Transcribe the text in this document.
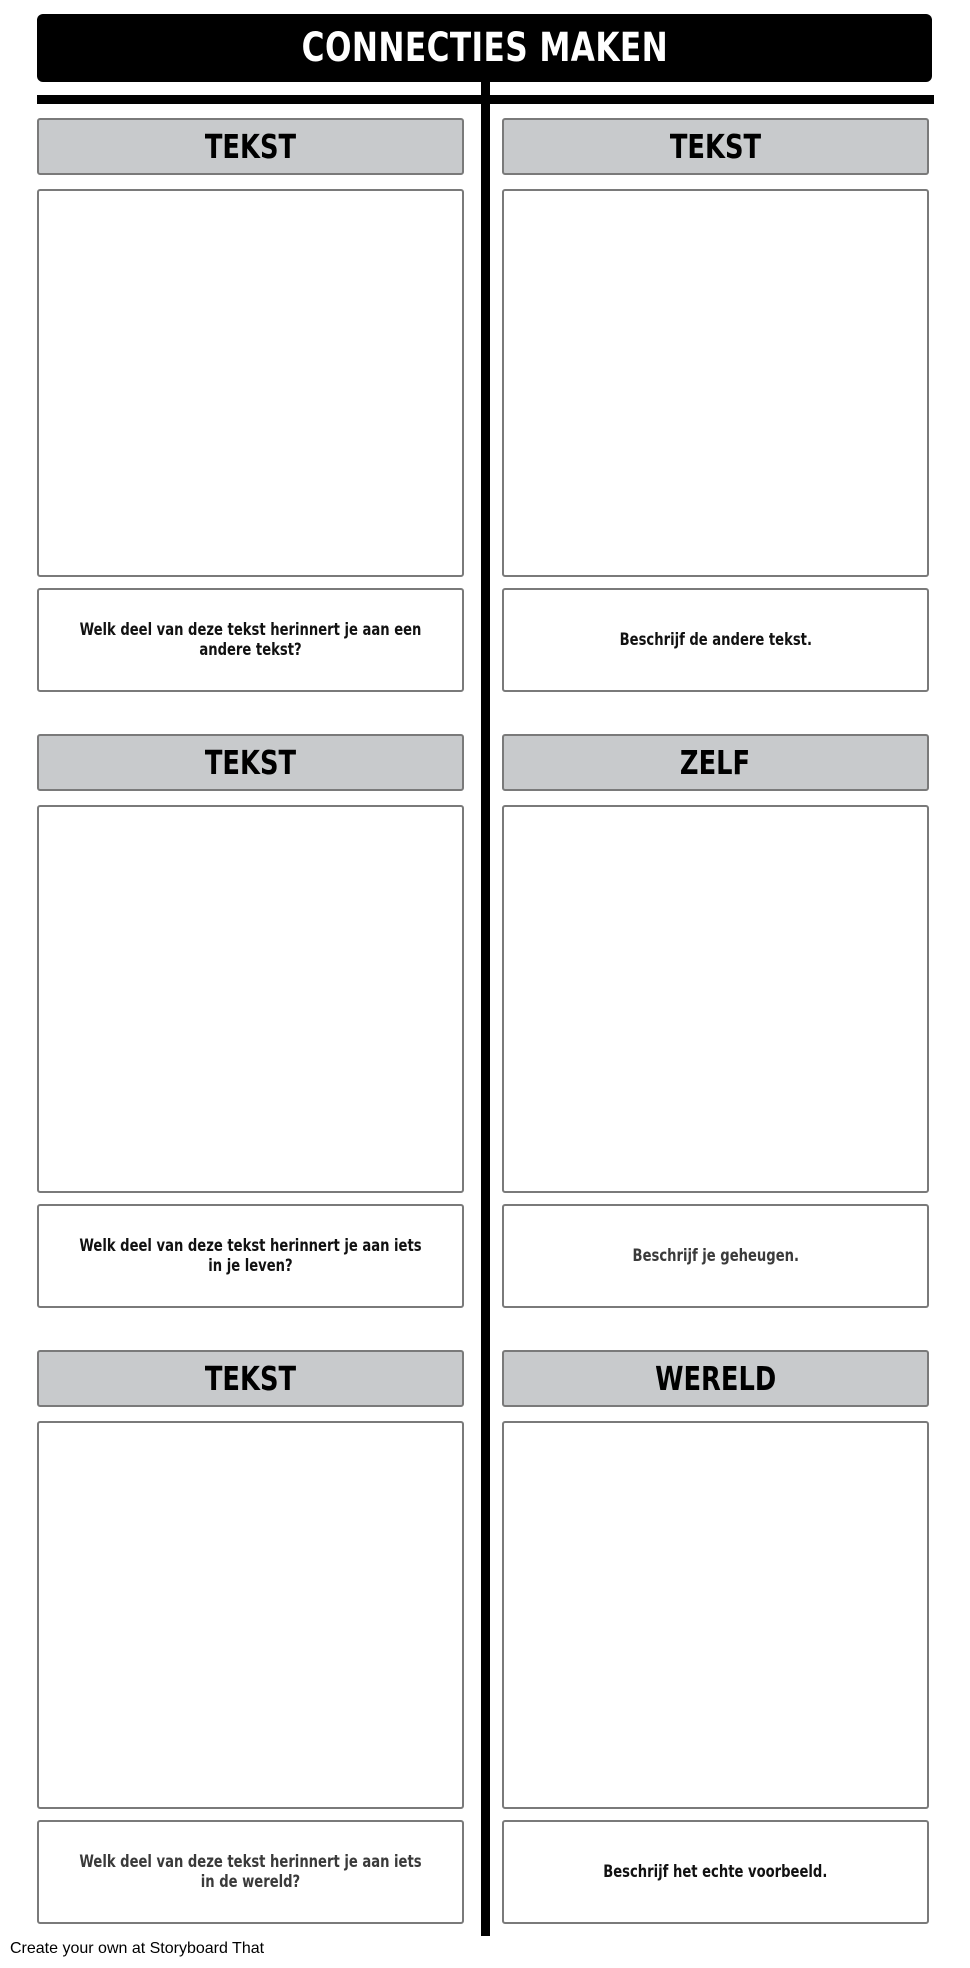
CONNECTIES MAKEN
TEKST	TEKST
Welk deel van deze tekst herinnert je aan een andere tekst?	Beschrijf de andere tekst.
TEKST	ZELF
Welk deel van deze tekst herinnert je aan iets in je leven?	Beschrijf je geheugen.
TEKST	WERELD
Welk deel van deze tekst herinnert je aan iets in de wereld?	Beschrijf het echte voorbeeld.
Create your own at Storyboard That
